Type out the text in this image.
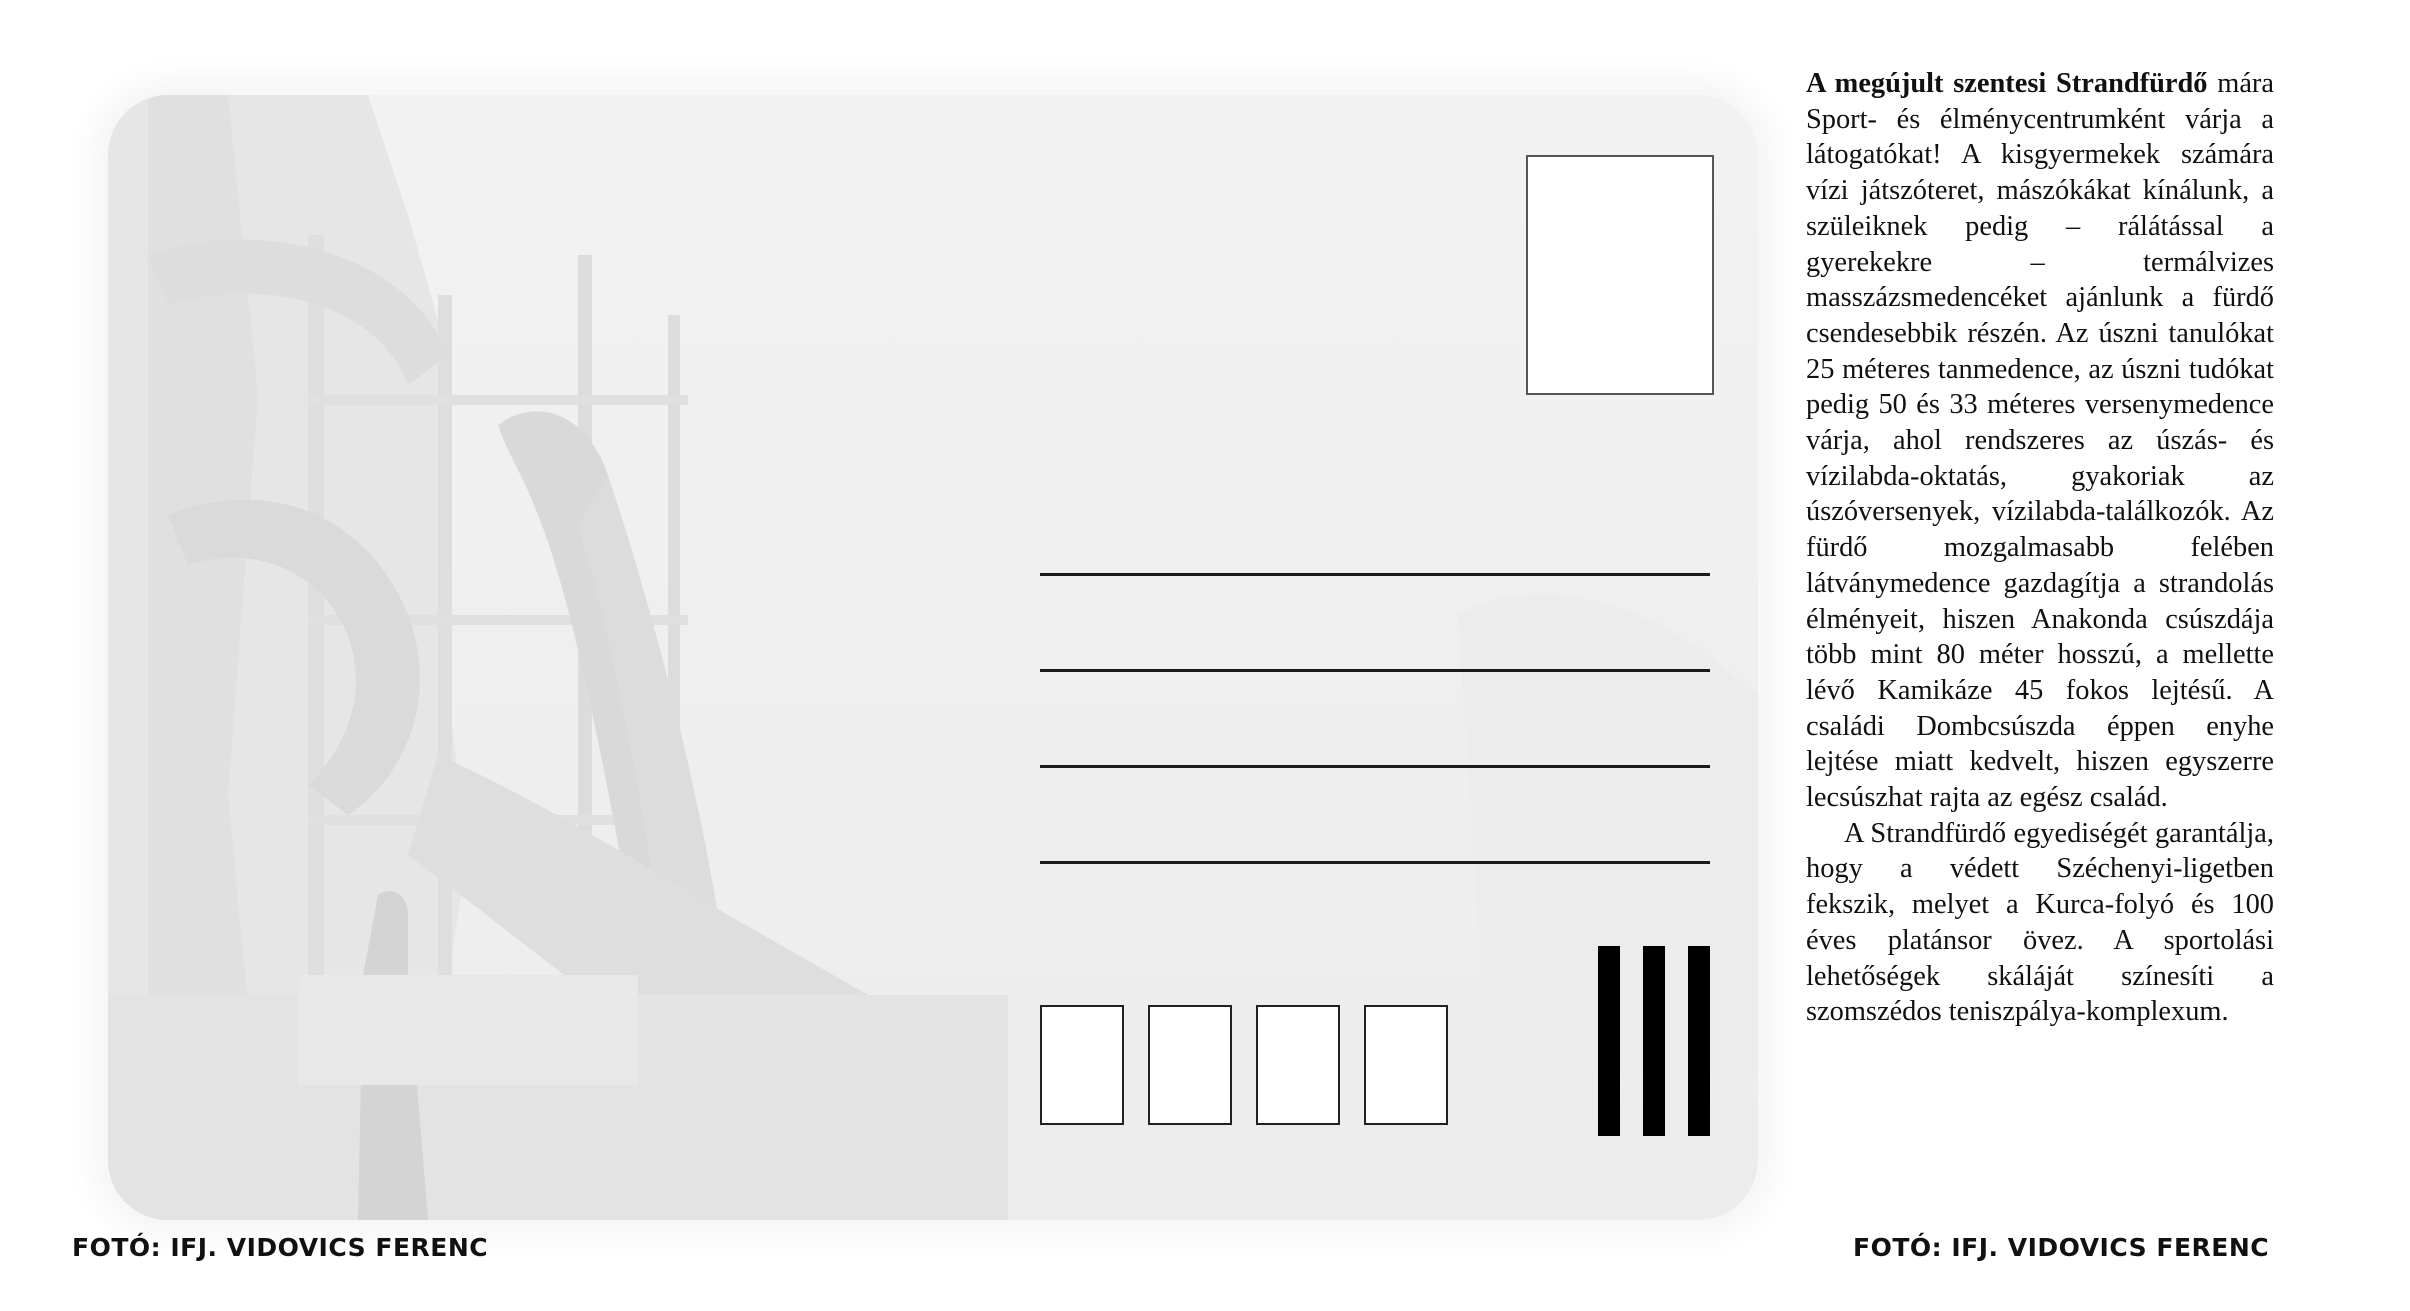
FOTÓ: IFJ. VIDOVICS FERENC

A megújult szentesi Strandfürdő mára Sport- és élménycentrumként várja a látogatókat! A kisgyermekek számára vízi játszóteret, mászókákat kínálunk, a szüleiknek pedig – rálátással a gyerekekre – termálvizes masszázsmedencéket ajánlunk a fürdő csendesebbik részén. Az úszni tanulókat 25 méteres tanmedence, az úszni tudókat pedig 50 és 33 méteres versenymedence várja, ahol rendszeres az úszás- és vízilabda-oktatás, gyakoriak az úszóversenyek, vízilabda-találkozók. Az fürdő mozgalmasabb felében látványmedence gazdagítja a strandolás élményeit, hiszen Anakonda csúszdája több mint 80 méter hosszú, a mellette lévő Kamikáze 45 fokos lejtésű. A családi Dombcsúszda éppen enyhe lejtése miatt kedvelt, hiszen egyszerre lecsúszhat rajta az egész család.

A Strandfürdő egyediségét garantálja, hogy a védett Széchenyi-ligetben fekszik, melyet a Kurca-folyó és 100 éves platánsor övez. A sportolási lehetőségek skáláját színesíti a szomszédos teniszpálya-komplexum.

FOTÓ: IFJ. VIDOVICS FERENC
